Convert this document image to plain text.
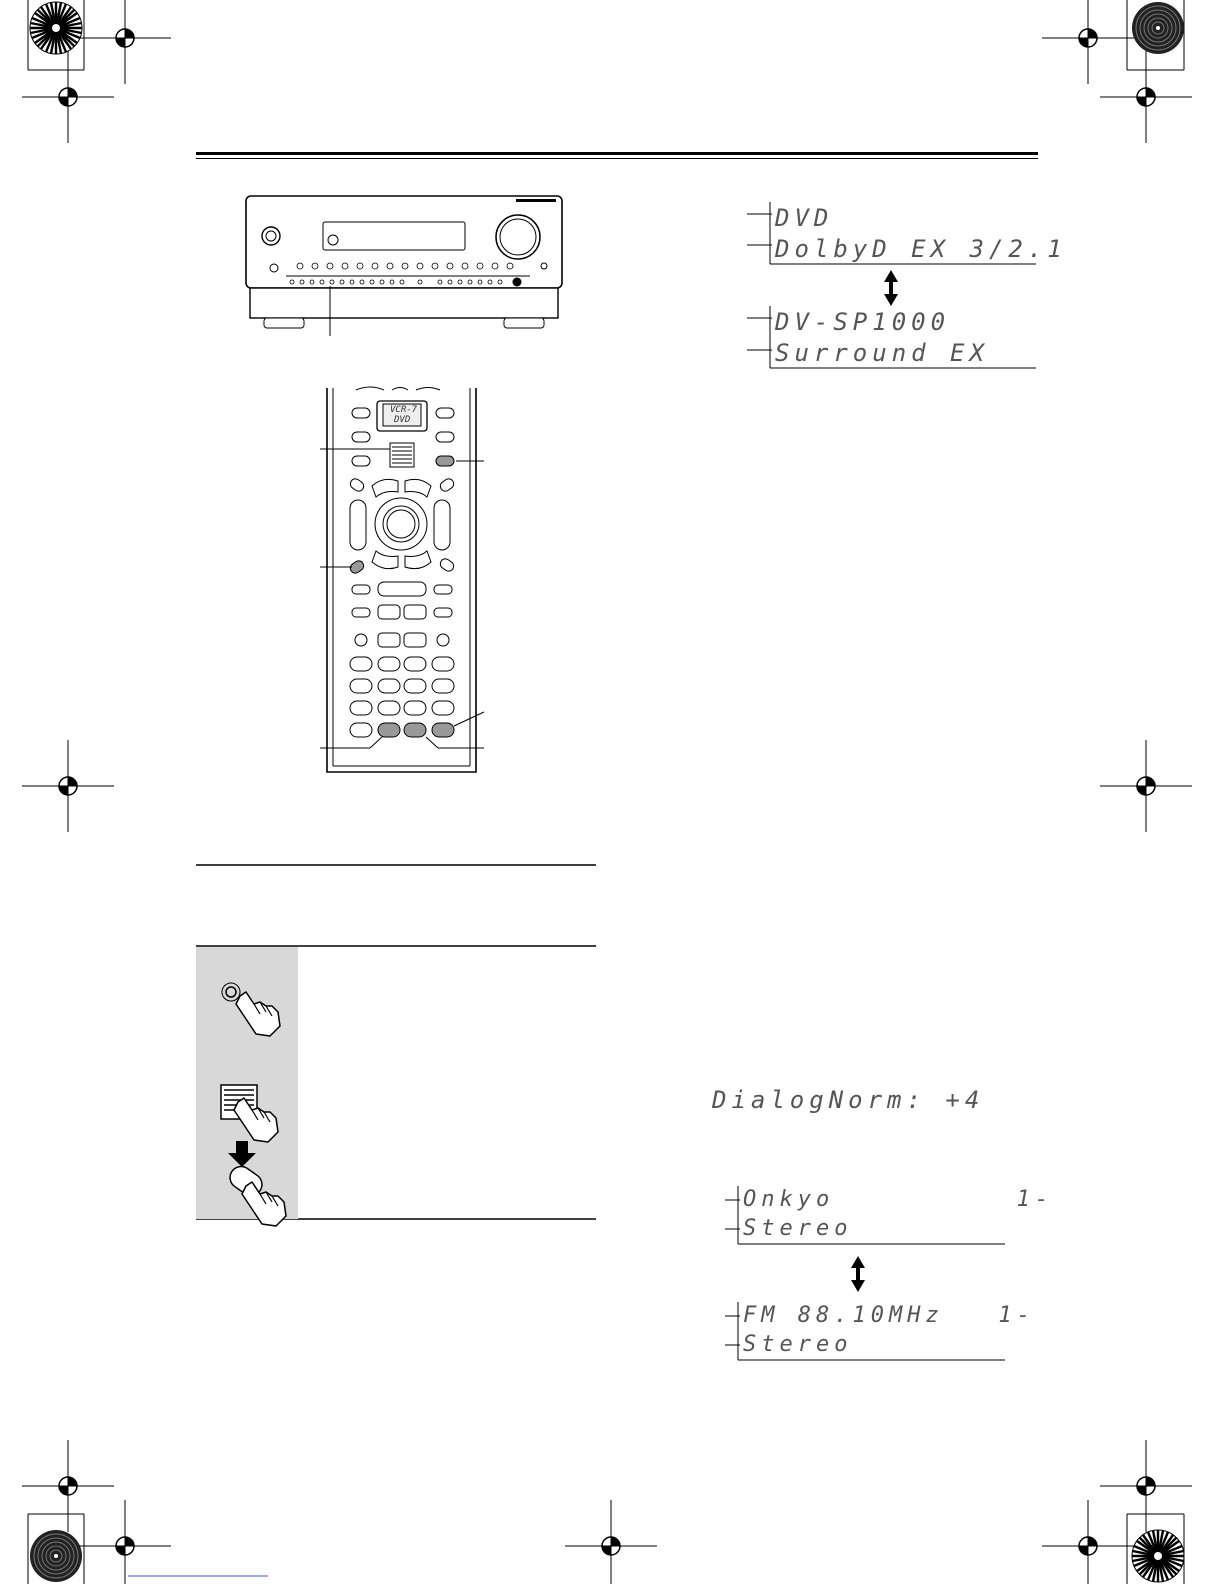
VCR-7
DVD
DVD
DolbyD EX 3/2.1
DV-SP1000
Surround EX
DialogNorm: +4
Onkyo          1-
Stereo
FM 88.10MHz   1-
Stereo
